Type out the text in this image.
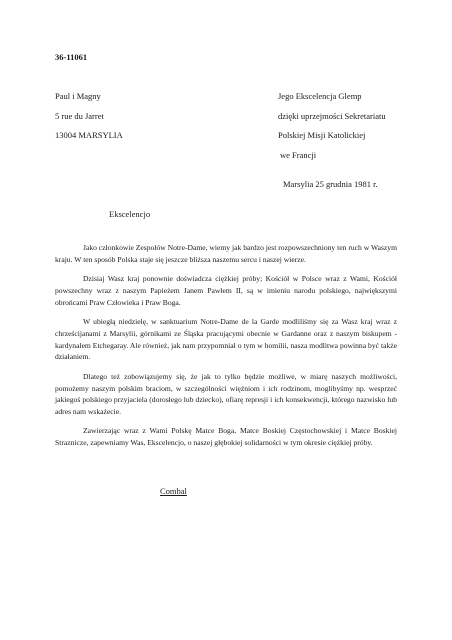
36-11061
Paul i Magny
5 rue du Jarret
13004 MARSYLIA
Jego Ekscelencja Glemp
dzięki uprzejmości Sekretariatu
Polskiej Misji Katolickiej
we Francji
Marsylia 25 grudnia 1981 r.
Ekscelencjo

Jako członkowie Zespołów Notre-Dame, wiemy jak bardzo jest rozpowszechniony ten ruch w Waszym kraju. W ten sposób Polska staje się jeszcze bliższa naszemu sercu i naszej wierze.

Dzisiaj Wasz kraj ponownie doświadcza ciężkiej próby; Kościół w Polsce wraz z Wami, Kościół powszechny wraz z naszym Papieżem Janem Pawłem II, są w imieniu narodu polskiego, największymi obrońcami Praw Człowieka i Praw Boga.

W ubiegłą niedzielę, w sanktuarium Notre-Dame de la Garde modliliśmy się za Wasz kraj wraz z chrześcijanami z Marsylii, górnikami ze Śląska pracującymi obecnie w Gardanne oraz z naszym biskupem - kardynałem Etchegaray. Ale również, jak nam przypomniał o tym w homilii, nasza modlitwa powinna być także działaniem.

Dlatego też zobowiązujemy się, że jak to tylko będzie możliwe, w miarę naszych możliwości, pomożemy naszym polskim braciom, w szczególności więźniom i ich rodzinom, moglibyśmy np. wesprzeć jakiegoś polskiego przyjaciela (dorosłego lub dziecko), ofiarę represji i ich konsekwencji, którego nazwisko lub adres nam wskażecie.

Zawierzając wraz z Wami Polskę Matce Boga, Matce Boskiej Częstochowskiej i Matce Boskiej Straznicze, zapewniamy Was, Ekscelencjo, o naszej głębokiej solidarności w tym okresie ciężkiej próby.

Combal
